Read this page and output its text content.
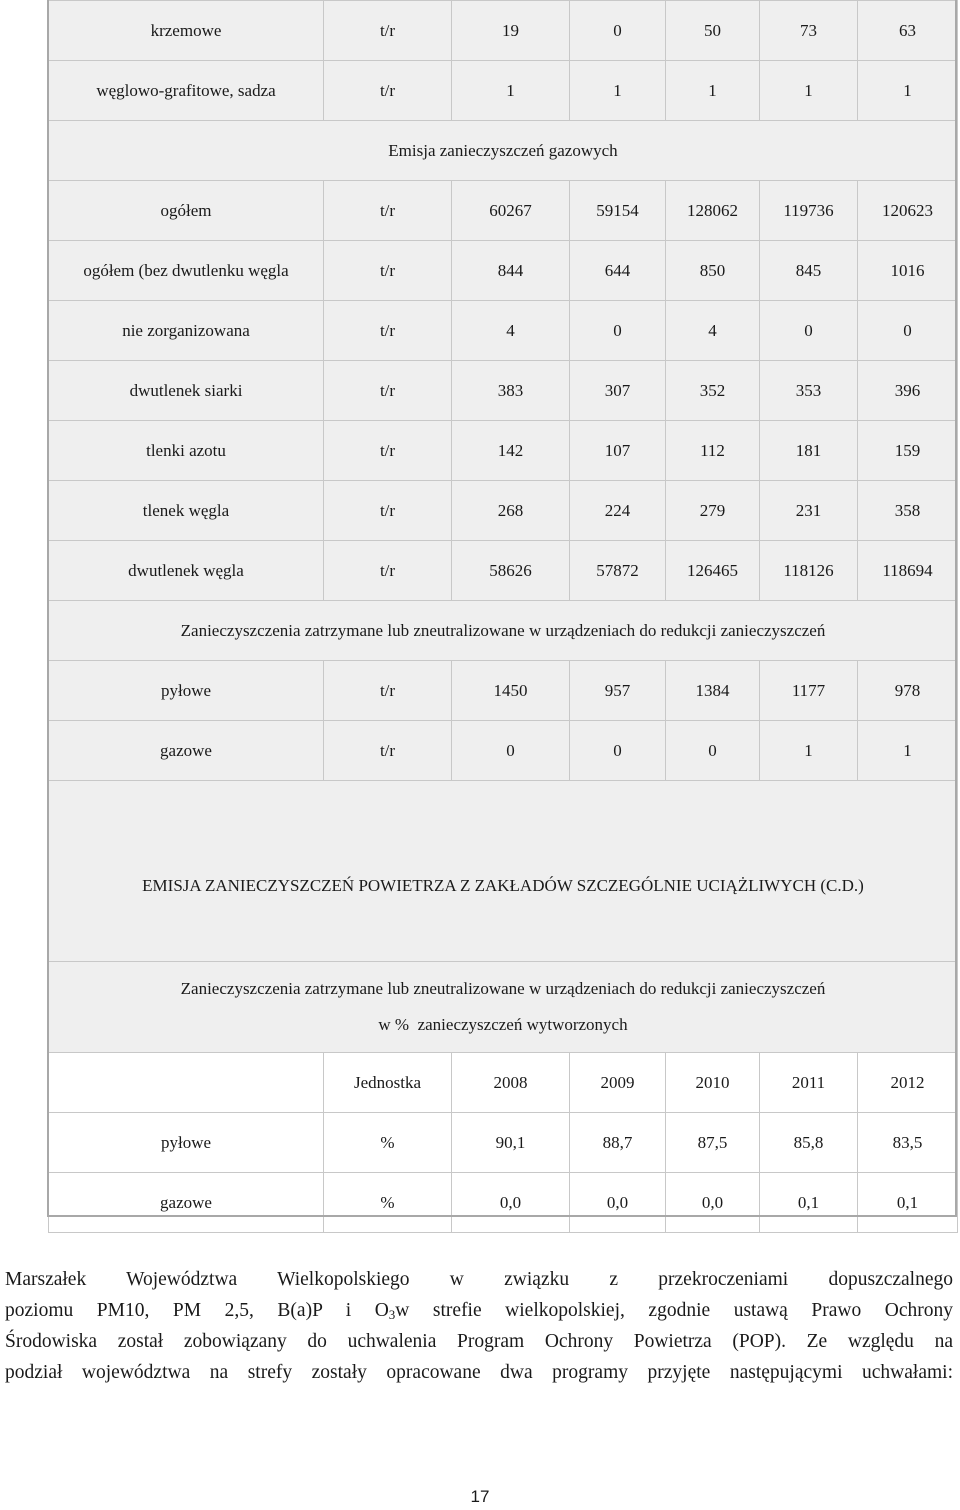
krzemowe	t/r	19	0	50	73	63
węglowo-grafitowe, sadza	t/r	1	1	1	1	1
Emisja zanieczyszczeń gazowych						
ogółem	t/r	60267	59154	128062	119736	120623
ogółem (bez dwutlenku węgla	t/r	844	644	850	845	1016
nie zorganizowana	t/r	4	0	4	0	0
dwutlenek siarki	t/r	383	307	352	353	396
tlenki azotu	t/r	142	107	112	181	159
tlenek węgla	t/r	268	224	279	231	358
dwutlenek węgla	t/r	58626	57872	126465	118126	118694
Zanieczyszczenia zatrzymane lub zneutralizowane w urządzeniach do redukcji zanieczyszczeń						
pyłowe	t/r	1450	957	1384	1177	978
gazowe	t/r	0	0	0	1	1
EMISJA ZANIECZYSZCZEŃ POWIETRZA Z ZAKŁADÓW SZCZEGÓLNIE UCIĄŻLIWYCH (C.D.)						

Zanieczyszczenia zatrzymane lub zneutralizowane w urządzeniach do redukcji zanieczyszczeń
w %  zanieczyszczeń wytworzonych						

	Jednostka	2008	2009	2010	2011	2012
pyłowe	%	90,1	88,7	87,5	85,8	83,5
gazowe	%	0,0	0,0	0,0	0,1	0,1
Marszałek Województwa Wielkopolskiego w związku z przekroczeniami dopuszczalnego
poziomu PM10, PM 2,5, B(a)P i $O_3w$ strefie wielkopolskiej, zgodnie ustawą Prawo Ochrony
Środowiska został zobowiązany do uchwalenia Program Ochrony Powietrza (POP). Ze względu na
podział województwa na strefy zostały opracowane dwa programy przyjęte następującymi uchwałami:
17
